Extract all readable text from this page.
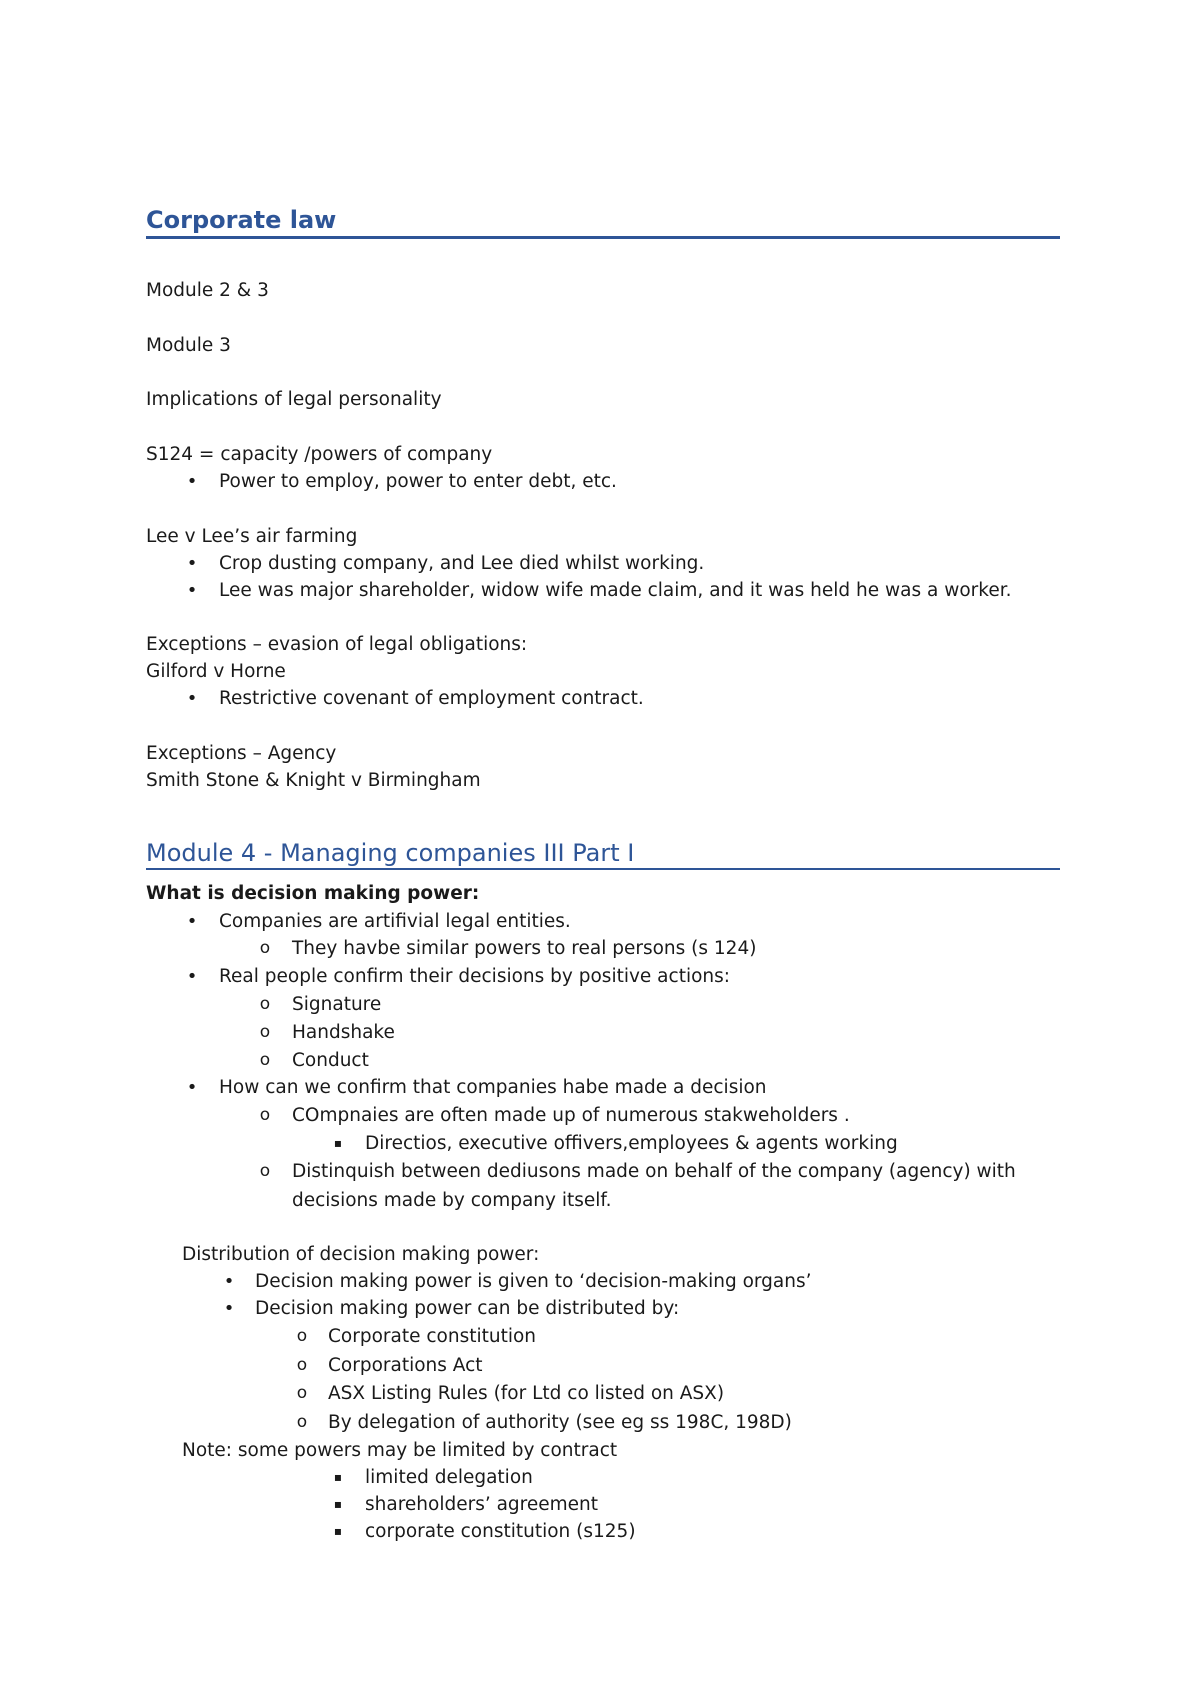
Corporate law
Module 2 & 3
Module 3
Implications of legal personality
S124 = capacity /powers of company
• Power to employ, power to enter debt, etc.
Lee v Lee’s air farming
• Crop dusting company, and Lee died whilst working.
• Lee was major shareholder, widow wife made claim, and it was held he was a worker.
Exceptions – evasion of legal obligations:
Gilford v Horne
• Restrictive covenant of employment contract.
Exceptions – Agency
Smith Stone & Knight v Birmingham
Module 4 - Managing companies III Part I
What is decision making power:
• Companies are artifivial legal entities.
o They havbe similar powers to real persons (s 124)
• Real people confirm their decisions by positive actions:
o Signature
o Handshake
o Conduct
• How can we confirm that companies habe made a decision
o COmpnaies are often made up of numerous stakweholders .
▪	Directios, executive offivers,employees & agents working
o Distinquish between dediusons made on behalf of the company (agency) with
decisions made by company itself.
Distribution of decision making power:
• Decision making power is given to ‘decision-making organs’
• Decision making power can be distributed by:
o Corporate constitution
o Corporations Act
o ASX Listing Rules (for Ltd co listed on ASX)
o By delegation of authority (see eg ss 198C, 198D)
Note: some powers may be limited by contract
▪	limited delegation
▪	shareholders’ agreement
▪	corporate constitution (s125)
